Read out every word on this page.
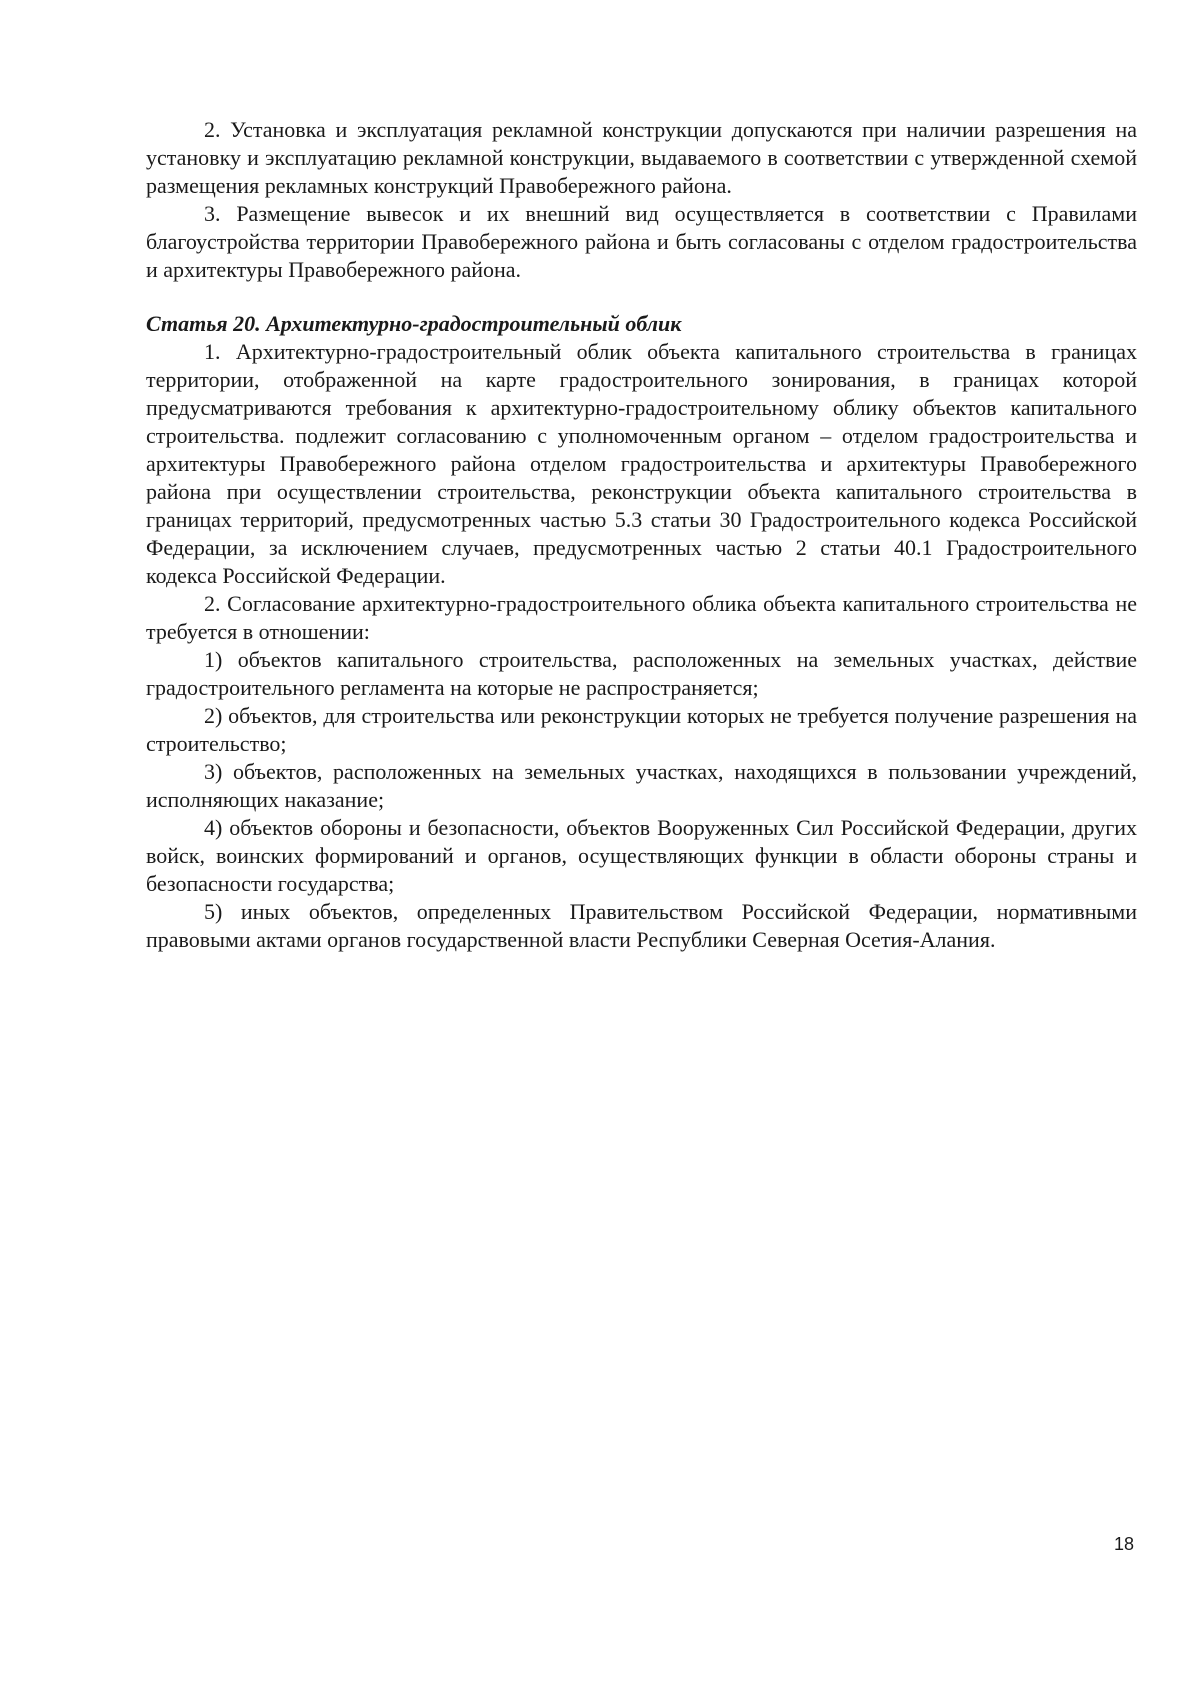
2. Установка и эксплуатация рекламной конструкции допускаются при наличии разрешения на установку и эксплуатацию рекламной конструкции, выдаваемого в соответствии с утвержденной схемой размещения рекламных конструкций Правобережного района.

3. Размещение вывесок и их внешний вид осуществляется в соответствии с Правилами благоустройства территории Правобережного района и быть согласованы с отделом градостроительства и архитектуры Правобережного района.

Статья 20. Архитектурно-градостроительный облик

1. Архитектурно-градостроительный облик объекта капитального строительства в границах территории, отображенной на карте градостроительного зонирования, в границах которой предусматриваются требования к архитектурно-градостроительному облику объектов капитального строительства. подлежит согласованию с уполномоченным органом – отделом градостроительства и архитектуры Правобережного района отделом градостроительства и архитектуры Правобережного района при осуществлении строительства, реконструкции объекта капитального строительства в границах территорий, предусмотренных частью 5.3 статьи 30 Градостроительного кодекса Российской Федерации, за исключением случаев, предусмотренных частью 2 статьи 40.1 Градостроительного кодекса Российской Федерации.

2. Согласование архитектурно-градостроительного облика объекта капитального строительства не требуется в отношении:

1) объектов капитального строительства, расположенных на земельных участках, действие градостроительного регламента на которые не распространяется;

2) объектов, для строительства или реконструкции которых не требуется получение разрешения на строительство;

3) объектов, расположенных на земельных участках, находящихся в пользовании учреждений, исполняющих наказание;

4) объектов обороны и безопасности, объектов Вооруженных Сил Российской Федерации, других войск, воинских формирований и органов, осуществляющих функции в области обороны страны и безопасности государства;

5) иных объектов, определенных Правительством Российской Федерации, нормативными правовыми актами органов государственной власти Республики Северная Осетия-Алания.

18
